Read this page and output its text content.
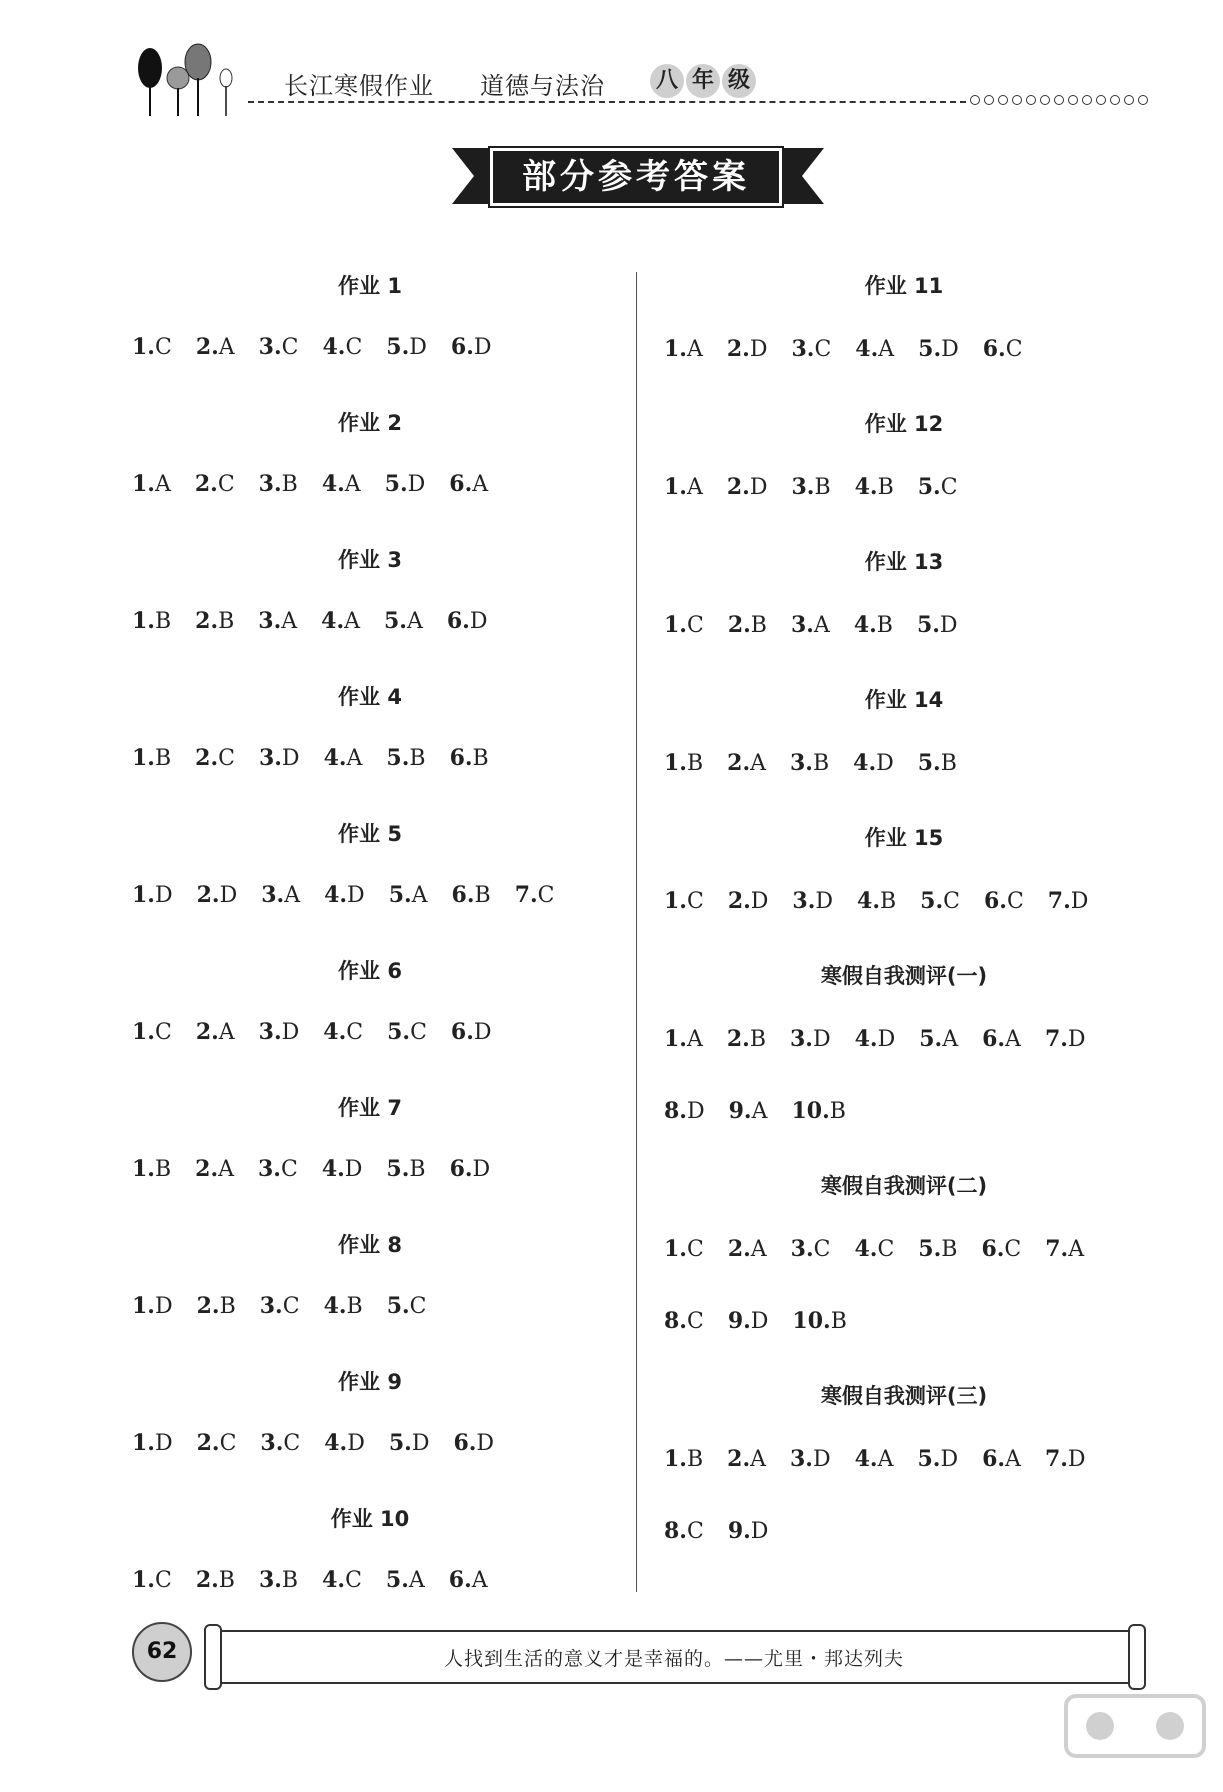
长江寒假作业 道德与法治 八 年 级
部分参考答案
作业 1
1.C 2.A 3.C 4.C 5.D 6.D
作业 2
1.A 2.C 3.B 4.A 5.D 6.A
作业 3
1.B 2.B 3.A 4.A 5.A 6.D
作业 4
1.B 2.C 3.D 4.A 5.B 6.B
作业 5
1.D 2.D 3.A 4.D 5.A 6.B 7.C
作业 6
1.C 2.A 3.D 4.C 5.C 6.D
作业 7
1.B 2.A 3.C 4.D 5.B 6.D
作业 8
1.D 2.B 3.C 4.B 5.C
作业 9
1.D 2.C 3.C 4.D 5.D 6.D
作业 10
1.C 2.B 3.B 4.C 5.A 6.A
作业 11
1.A 2.D 3.C 4.A 5.D 6.C
作业 12
1.A 2.D 3.B 4.B 5.C
作业 13
1.C 2.B 3.A 4.B 5.D
作业 14
1.B 2.A 3.B 4.D 5.B
作业 15
1.C 2.D 3.D 4.B 5.C 6.C 7.D
寒假自我测评(一)
1.A 2.B 3.D 4.D 5.A 6.A 7.D
8.D 9.A 10.B
寒假自我测评(二)
1.C 2.A 3.C 4.C 5.B 6.C 7.A
8.C 9.D 10.B
寒假自我测评(三)
1.B 2.A 3.D 4.A 5.D 6.A 7.D
8.C 9.D
62	人找到生活的意义才是幸福的。——尤里・邦达列夫
